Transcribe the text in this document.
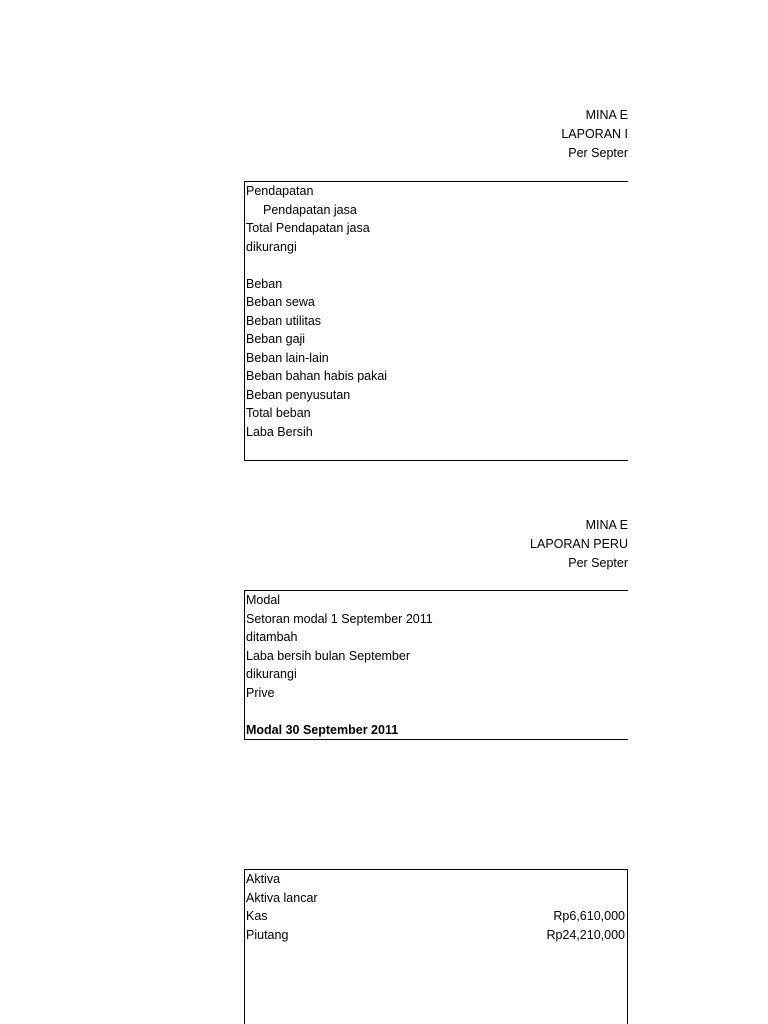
MINA E
LAPORAN I
Per Septer
Pendapatan
Pendapatan jasa
Total Pendapatan jasa
dikurangi
Beban
Beban sewa
Beban utilitas
Beban gaji
Beban lain-lain
Beban bahan habis pakai
Beban penyusutan
Total beban
Laba Bersih
MINA E
LAPORAN PERU
Per Septer
Modal
Setoran modal 1 September 2011
ditambah
Laba bersih bulan September
dikurangi
Prive
Modal 30 September 2011
Aktiva
Aktiva lancar
Kas	Rp6,610,000
Piutang	Rp24,210,000
